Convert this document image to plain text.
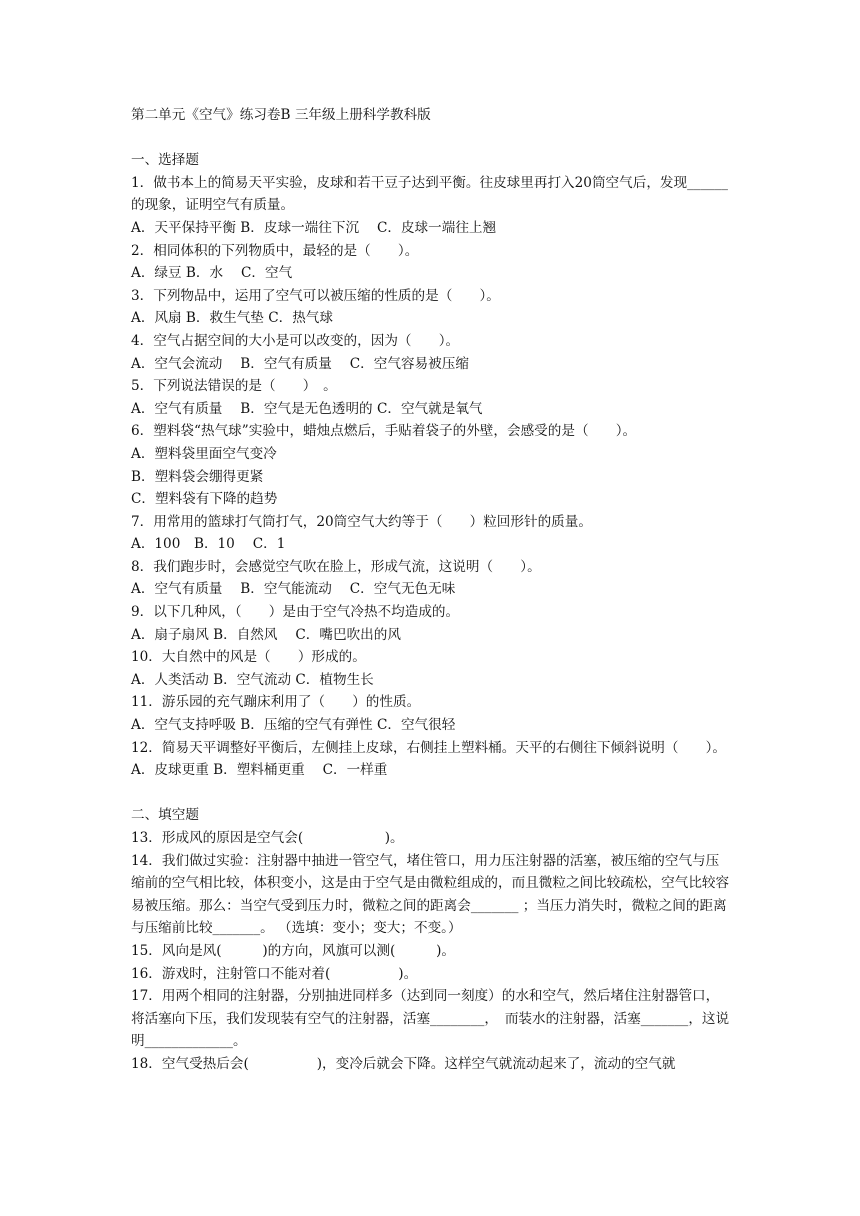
第二单元《空气》练习卷B 三年级上册科学教科版
一、选择题
1．做书本上的简易天平实验，皮球和若干豆子达到平衡。往皮球里再打入20筒空气后，发现______的现象，证明空气有质量。
A．天平保持平衡 B．皮球一端往下沉 　C．皮球一端往上翘
2．相同体积的下列物质中，最轻的是（　　）。
A．绿豆 B．水 　C．空气
3．下列物品中，运用了空气可以被压缩的性质的是（　　）。
A．风扇 B．救生气垫 C．热气球
4．空气占据空间的大小是可以改变的，因为（　　）。
A．空气会流动 　B．空气有质量 　C．空气容易被压缩
5．下列说法错误的是（　　）　。
A．空气有质量 　B．空气是无色透明的 C．空气就是氧气
6．塑料袋“热气球”实验中，蜡烛点燃后，手贴着袋子的外壁，会感受的是（　　）。
A．塑料袋里面空气变冷
B．塑料袋会绷得更紧
C．塑料袋有下降的趋势
7．用常用的篮球打气筒打气，20筒空气大约等于（　　）粒回形针的质量。
A．100　B．10　 C．1
8．我们跑步时，会感觉空气吹在脸上，形成气流，这说明（　　）。
A．空气有质量 　B．空气能流动 　C．空气无色无味
9．以下几种风，（　　）是由于空气冷热不均造成的。
A．扇子扇风 B．自然风 　C．嘴巴吹出的风
10．大自然中的风是（　　）形成的。
A．人类活动 B．空气流动 C．植物生长
11．游乐园的充气蹦床利用了（　　）的性质。
A．空气支持呼吸 B．压缩的空气有弹性 C．空气很轻
12．简易天平调整好平衡后，左侧挂上皮球，右侧挂上塑料桶。天平的右侧往下倾斜说明（　　）。
A．皮球更重 B．塑料桶更重 　C．一样重
二、填空题
13．形成风的原因是空气会(　　　　　　)。
14．我们做过实验：注射器中抽进一管空气，堵住管口，用力压注射器的活塞，被压缩的空气与压缩前的空气相比较，体积变小，这是由于空气是由微粒组成的，而且微粒之间比较疏松，空气比较容易被压缩。那么：当空气受到压力时，微粒之间的距离会_______ ；当压力消失时，微粒之间的距离与压缩前比较_______。 （选填：变小；变大；不变。）
15．风向是风(　　　)的方向，风旗可以测(　　　)。
16．游戏时，注射管口不能对着(　　　　　)。
17．用两个相同的注射器，分别抽进同样多（达到同一刻度）的水和空气，然后堵住注射器管口，将活塞向下压，我们发现装有空气的注射器，活塞________，　而装水的注射器，活塞_______，这说明_____________。
18．空气受热后会(　　　　　)，变冷后就会下降。这样空气就流动起来了，流动的空气就
